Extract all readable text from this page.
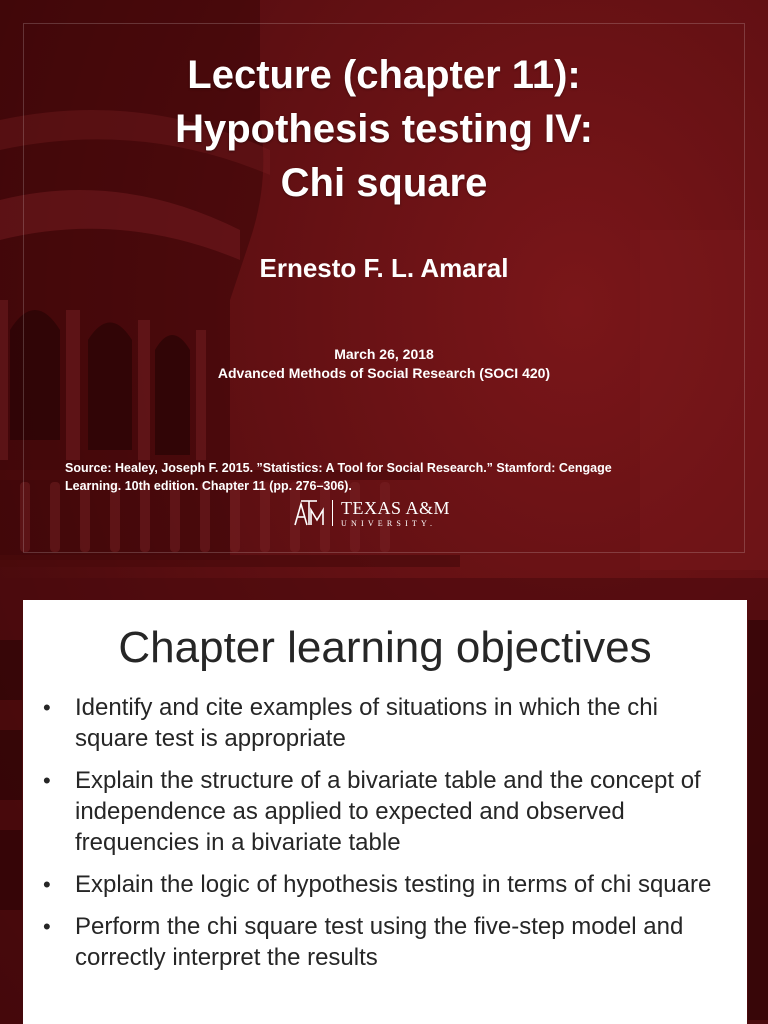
Lecture (chapter 11):
Hypothesis testing IV:
Chi square
Ernesto F. L. Amaral
March 26, 2018
Advanced Methods of Social Research (SOCI 420)
Source: Healey, Joseph F. 2015. ”Statistics: A Tool for Social Research.” Stamford: Cengage
Learning. 10th edition. Chapter 11 (pp. 276–306).
TEXAS A&M
UNIVERSITY.
Chapter learning objectives
• Identify and cite examples of situations in which the chi square test is appropriate
• Explain the structure of a bivariate table and the concept of independence as applied to expected and observed frequencies in a bivariate table
• Explain the logic of hypothesis testing in terms of chi square
• Perform the chi square test using the five-step model and correctly interpret the results
